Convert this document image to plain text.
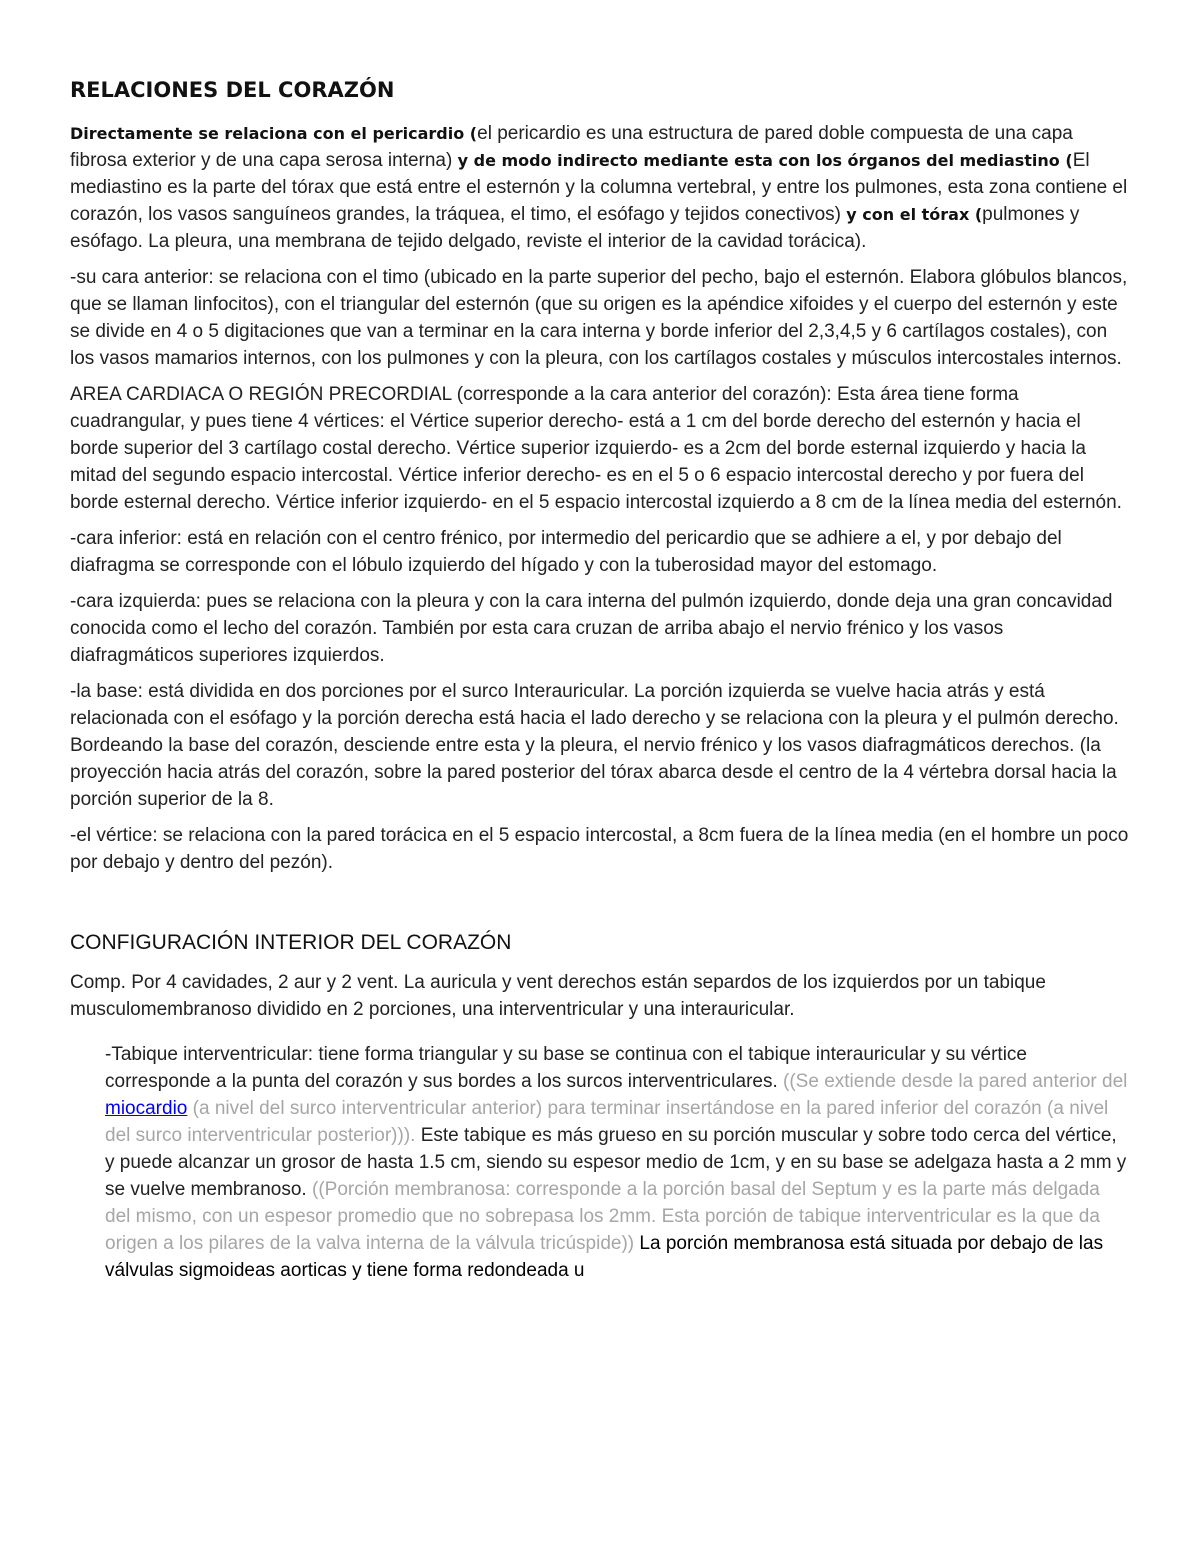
RELACIONES DEL CORAZÓN

Directamente se relaciona con el pericardio (el pericardio es una estructura de pared doble compuesta de una capa fibrosa exterior y de una capa serosa interna) y de modo indirecto mediante esta con los órganos del mediastino (El mediastino es la parte del tórax que está entre el esternón y la columna vertebral, y entre los pulmones, esta zona contiene el corazón, los vasos sanguíneos grandes, la tráquea, el timo, el esófago y tejidos conectivos) y con el tórax (pulmones y esófago. La pleura, una membrana de tejido delgado, reviste el interior de la cavidad torácica).

-su cara anterior: se relaciona con el timo (ubicado en la parte superior del pecho, bajo el esternón. Elabora glóbulos blancos, que se llaman linfocitos), con el triangular del esternón (que su origen es la apéndice xifoides y el cuerpo del esternón y este se divide en 4 o 5 digitaciones que van a terminar en la cara interna y borde inferior del 2,3,4,5 y 6 cartílagos costales), con los vasos mamarios internos, con los pulmones y con la pleura, con los cartílagos costales y músculos intercostales internos.

AREA CARDIACA O REGIÓN PRECORDIAL (corresponde a la cara anterior del corazón): Esta área tiene forma cuadrangular, y pues tiene 4 vértices: el Vértice superior derecho- está a 1 cm del borde derecho del esternón y hacia el borde superior del 3 cartílago costal derecho. Vértice superior izquierdo- es a 2cm del borde esternal izquierdo y hacia la mitad del segundo espacio intercostal. Vértice inferior derecho- es en el 5 o 6 espacio intercostal derecho y por fuera del borde esternal derecho. Vértice inferior izquierdo- en el 5 espacio intercostal izquierdo a 8 cm de la línea media del esternón.

-cara inferior: está en relación con el centro frénico, por intermedio del pericardio que se adhiere a el, y por debajo del diafragma se corresponde con el lóbulo izquierdo del hígado y con la tuberosidad mayor del estomago.

-cara izquierda: pues se relaciona con la pleura y con la cara interna del pulmón izquierdo, donde deja una gran concavidad conocida como el lecho del corazón. También por esta cara cruzan de arriba abajo el nervio frénico y los vasos diafragmáticos superiores izquierdos.

-la base: está dividida en dos porciones por el surco Interauricular. La porción izquierda se vuelve hacia atrás y está relacionada con el esófago y la porción derecha está hacia el lado derecho y se relaciona con la pleura y el pulmón derecho. Bordeando la base del corazón, desciende entre esta y la pleura, el nervio frénico y los vasos diafragmáticos derechos. (la proyección hacia atrás del corazón, sobre la pared posterior del tórax abarca desde el centro de la 4 vértebra dorsal hacia la porción superior de la 8.

-el vértice: se relaciona con la pared torácica en el 5 espacio intercostal, a 8cm fuera de la línea media (en el hombre un poco por debajo y dentro del pezón).

CONFIGURACIÓN INTERIOR DEL CORAZÓN

Comp. Por 4 cavidades, 2 aur y 2 vent. La auricula y vent derechos están separdos de los izquierdos por un tabique musculomembranoso dividido en 2 porciones, una interventricular y una interauricular.

-Tabique interventricular: tiene forma triangular y su base se continua con el tabique interauricular y su vértice corresponde a la punta del corazón y sus bordes a los surcos interventriculares. ((Se extiende desde la pared anterior del miocardio (a nivel del surco interventricular anterior) para terminar insertándose en la pared inferior del corazón (a nivel del surco interventricular posterior))). Este tabique es más grueso en su porción muscular y sobre todo cerca del vértice, y puede alcanzar un grosor de hasta 1.5 cm, siendo su espesor medio de 1cm, y en su base se adelgaza hasta a 2 mm y se vuelve membranoso. ((Porción membranosa: corresponde a la porción basal del Septum y es la parte más delgada del mismo, con un espesor promedio que no sobrepasa los 2mm. Esta porción de tabique interventricular es la que da origen a los pilares de la valva interna de la válvula tricúspide)) La porción membranosa está situada por debajo de las válvulas sigmoideas aorticas y tiene forma redondeada u
